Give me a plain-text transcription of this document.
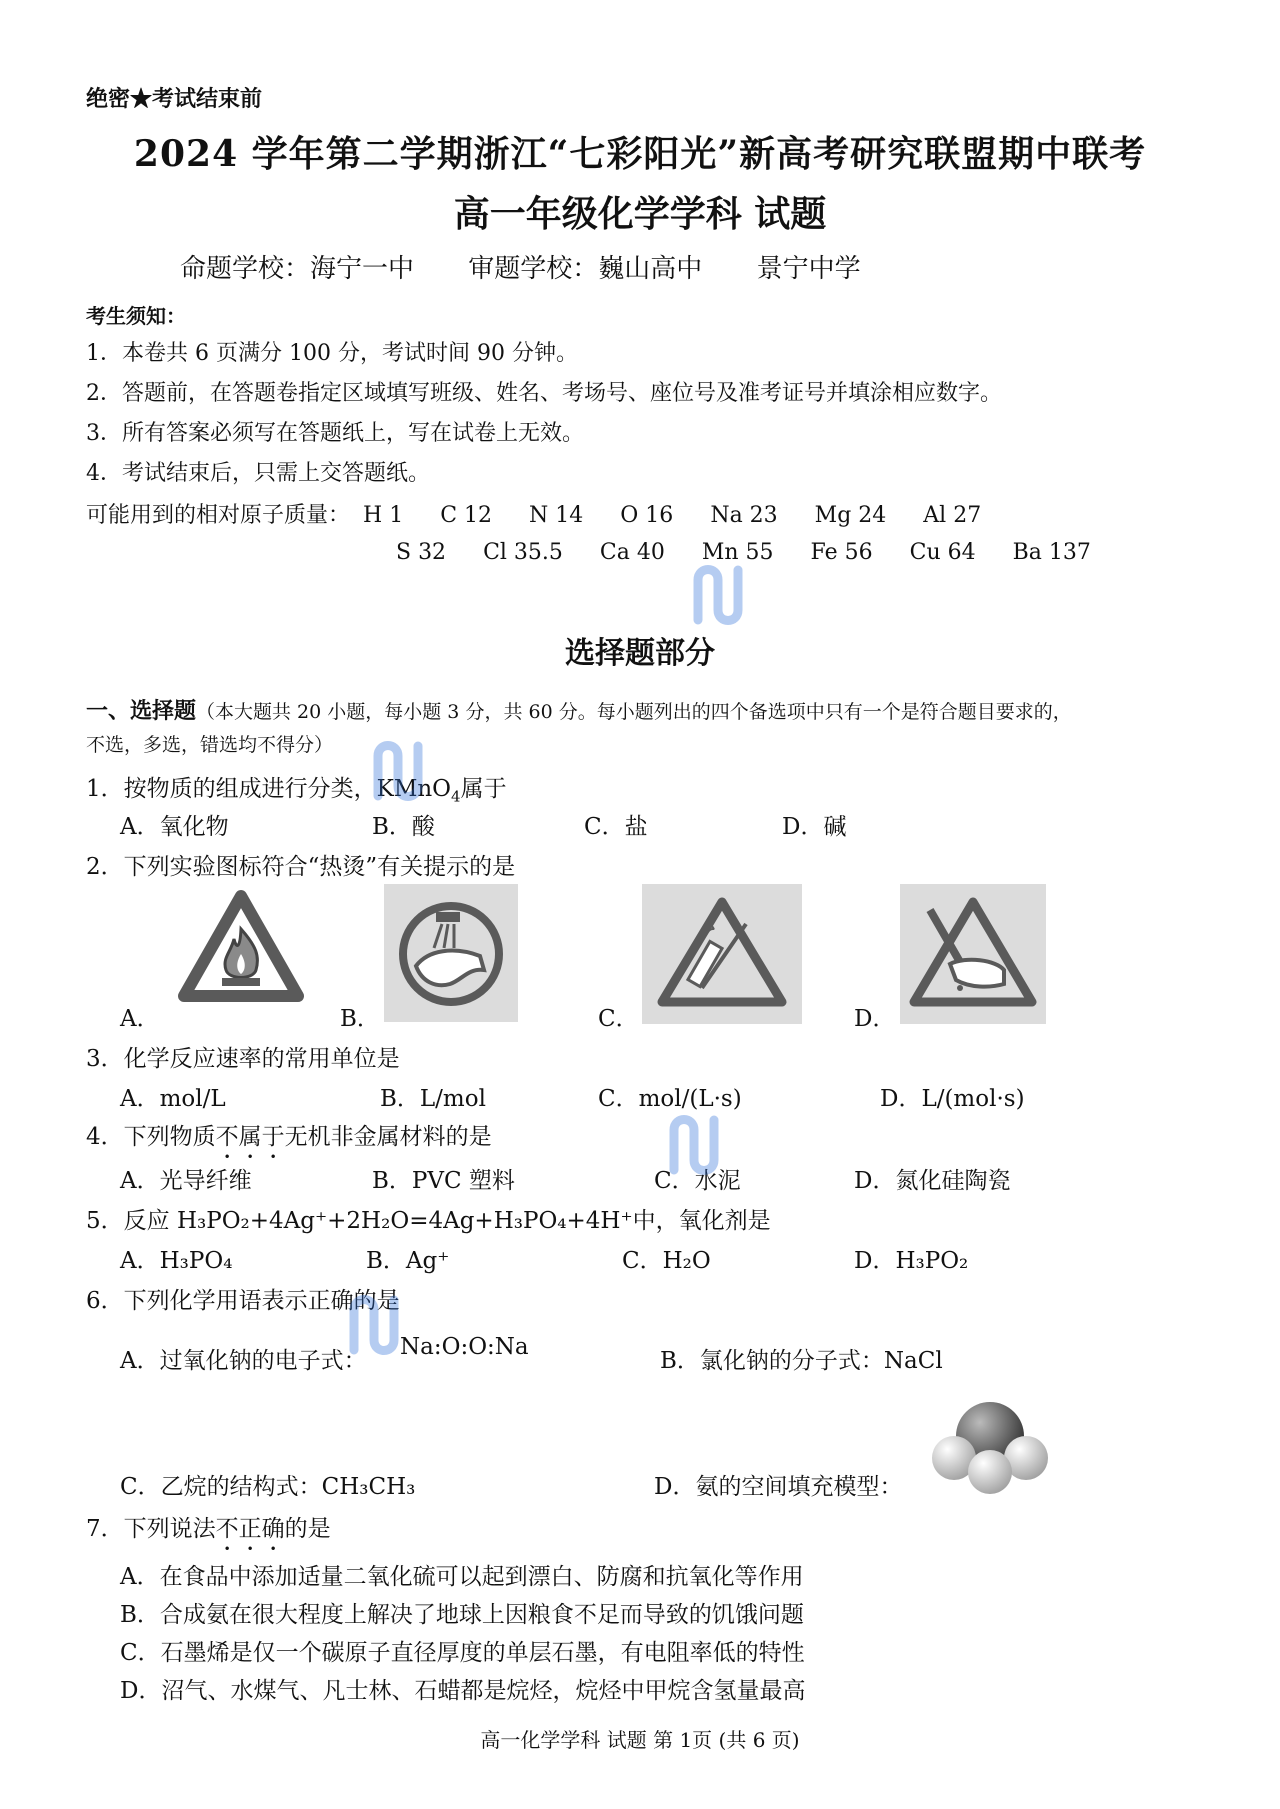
绝密★考试结束前
2024 学年第二学期浙江“七彩阳光”新高考研究联盟期中联考
高一年级化学学科 试题
命题学校：海宁一中 审题学校：巍山高中 景宁中学
考生须知：
1．本卷共 6 页满分 100 分，考试时间 90 分钟。
2．答题前，在答题卷指定区域填写班级、姓名、考场号、座位号及准考证号并填涂相应数字。
3．所有答案必须写在答题纸上，写在试卷上无效。
4．考试结束后，只需上交答题纸。
可能用到的相对原子质量： H 1 C 12 N 14 O 16 Na 23 Mg 24 Al 27
S 32 Cl 35.5 Ca 40 Mn 55 Fe 56 Cu 64 Ba 137
选择题部分
一、选择题（本大题共 20 小题，每小题 3 分，共 60 分。每小题列出的四个备选项中只有一个是符合题目要求的，
不选，多选，错选均不得分）
1．按物质的组成进行分类，KMnO$_4$属于
A．氧化物	B．酸	C．盐	D．碱
2．下列实验图标符合“热烫”有关提示的是
A．	B．	C．	D．
3．化学反应速率的常用单位是
A．mol/L	B．L/mol	C．mol/(L·s)	D．L/(mol·s)
4．下列物质不属于无机非金属材料的是
A．光导纤维	B．PVC 塑料	C．水泥	D．氮化硅陶瓷
5．反应 H₃PO₂+4Ag⁺+2H₂O=4Ag+H₃PO₄+4H⁺中，氧化剂是
A．H₃PO₄	B．Ag⁺	C．H₂O	D．H₃PO₂
6．下列化学用语表示正确的是
A．过氧化钠的电子式：
Na:O:O:Na
B．氯化钠的分子式：NaCl
C．乙烷的结构式：CH₃CH₃	D．氨的空间填充模型：
7．下列说法不正确的是
A．在食品中添加适量二氧化硫可以起到漂白、防腐和抗氧化等作用
B．合成氨在很大程度上解决了地球上因粮食不足而导致的饥饿问题
C．石墨烯是仅一个碳原子直径厚度的单层石墨，有电阻率低的特性
D．沼气、水煤气、凡士林、石蜡都是烷烃，烷烃中甲烷含氢量最高
高一化学学科 试题 第 1页 (共 6 页)
